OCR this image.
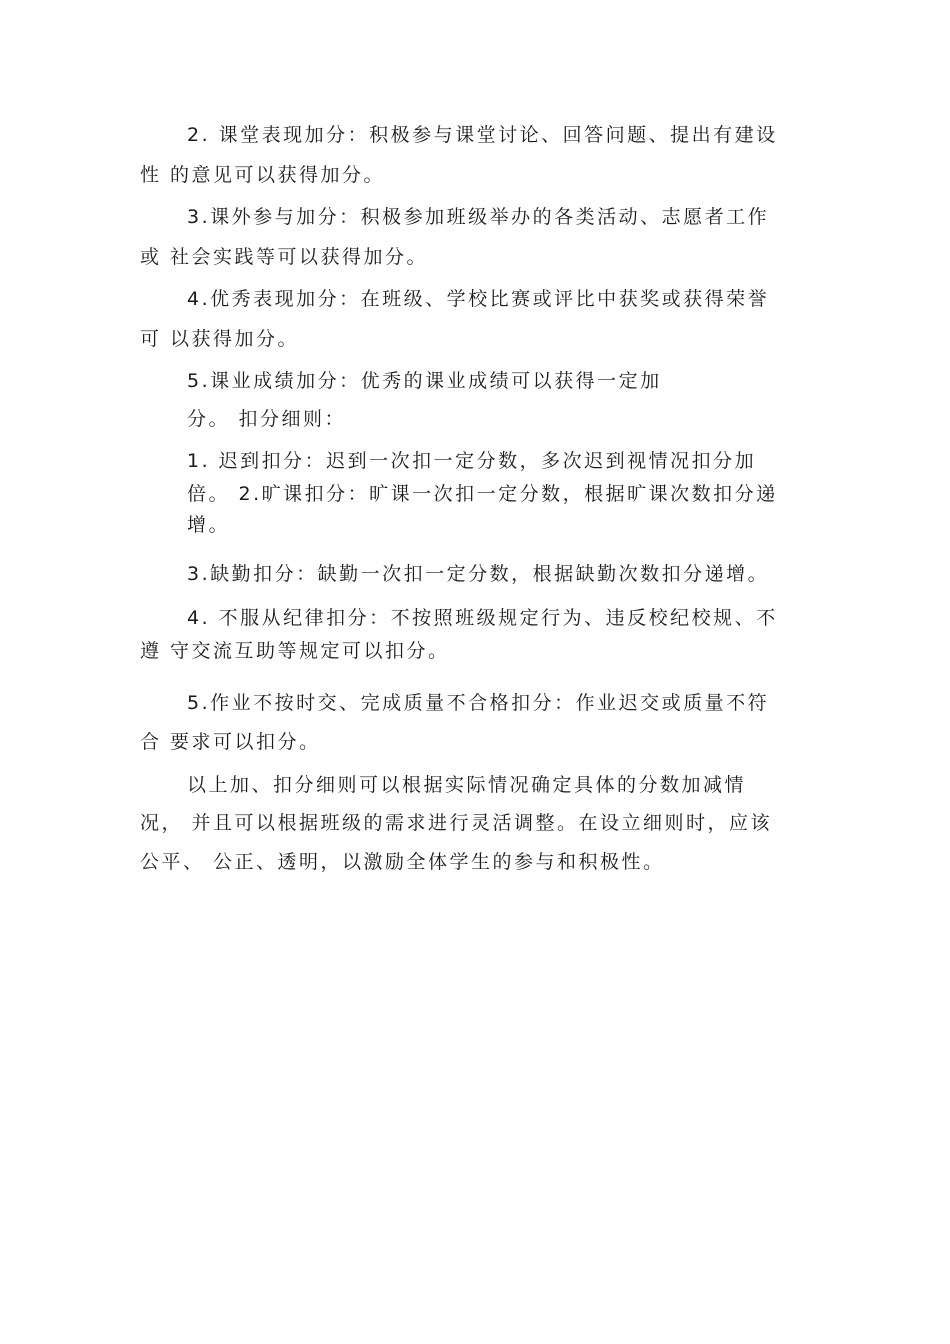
2. 课堂表现加分：积极参与课堂讨论、回答问题、提出有建设
性 的意见可以获得加分。
3.课外参与加分：积极参加班级举办的各类活动、志愿者工作
或 社会实践等可以获得加分。
4.优秀表现加分：在班级、学校比赛或评比中获奖或获得荣誉
可 以获得加分。
5.课业成绩加分：优秀的课业成绩可以获得一定加
分。 扣分细则：
1. 迟到扣分：迟到一次扣一定分数，多次迟到视情况扣分加
倍。 2.旷课扣分：旷课一次扣一定分数，根据旷课次数扣分递
增。
3.缺勤扣分：缺勤一次扣一定分数，根据缺勤次数扣分递增。
4. 不服从纪律扣分：不按照班级规定行为、违反校纪校规、不
遵 守交流互助等规定可以扣分。
5.作业不按时交、完成质量不合格扣分：作业迟交或质量不符
合 要求可以扣分。
以上加、扣分细则可以根据实际情况确定具体的分数加减情
况， 并且可以根据班级的需求进行灵活调整。在设立细则时，应该
公平、 公正、透明，以激励全体学生的参与和积极性。
